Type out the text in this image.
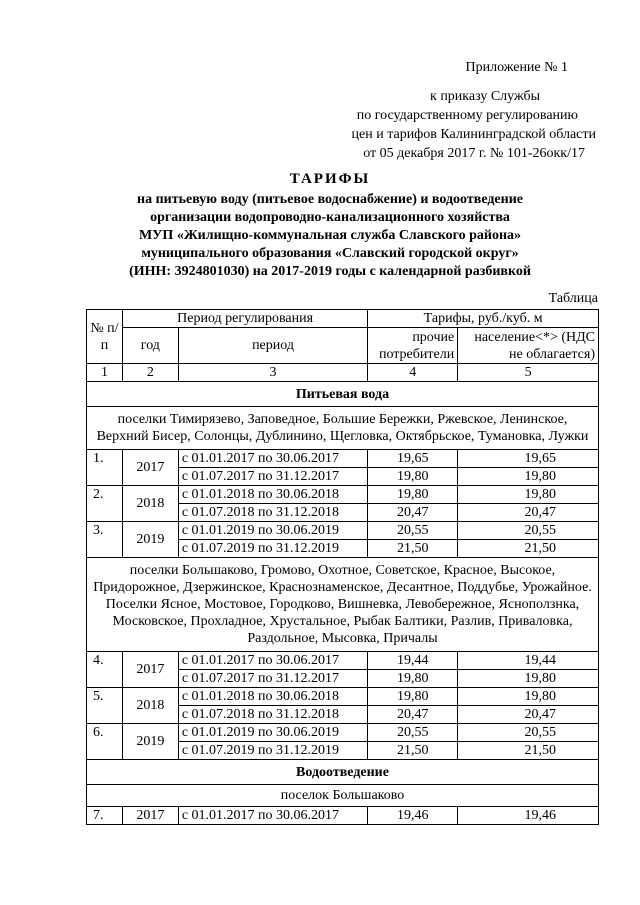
Приложение № 1
к приказу Службы
по государственному регулированию
цен и тарифов Калининградской области
от 05 декабря 2017 г. № 101-26окк/17
ТАРИФЫ
на питьевую воду (питьевое водоснабжение) и водоотведение
организации водопроводно-канализационного хозяйства
МУП «Жилищно-коммунальная служба Славского района»
муниципального образования «Славский городской округ»
(ИНН: 3924801030) на 2017-2019 годы с календарной разбивкой
Таблица
№ п/п	Период регулирования		Тарифы, руб./куб. м	
	год	период	прочие потребители	население<*> (НДС не облагается)
1	2	3	4	5
Питьевая вода				
поселки Тимирязево, Заповедное, Большие Бережки, Ржевское, Ленинское, Верхний Бисер, Солонцы, Дублинино, Щегловка, Октябрьское, Тумановка, Лужки				
1.	2017	с 01.01.2017 по 30.06.2017	19,65	19,65
		с 01.07.2017 по 31.12.2017	19,80	19,80
2.	2018	с 01.01.2018 по 30.06.2018	19,80	19,80
		с 01.07.2018 по 31.12.2018	20,47	20,47
3.	2019	с 01.01.2019 по 30.06.2019	20,55	20,55
		с 01.07.2019 по 31.12.2019	21,50	21,50
поселки Большаково, Громово, Охотное, Советское, Красное, Высокое, Придорожное, Дзержинское, Краснознаменское, Десантное, Поддубье, Урожайное. Поселки Ясное, Мостовое, Городково, Вишневка, Левобережное, Ясноползнка, Московское, Прохладное, Хрустальное, Рыбак Балтики, Разлив, Приваловка, Раздольное, Мысовка, Причалы				
4.	2017	с 01.01.2017 по 30.06.2017	19,44	19,44
		с 01.07.2017 по 31.12.2017	19,80	19,80
5.	2018	с 01.01.2018 по 30.06.2018	19,80	19,80
		с 01.07.2018 по 31.12.2018	20,47	20,47
6.	2019	с 01.01.2019 по 30.06.2019	20,55	20,55
		с 01.07.2019 по 31.12.2019	21,50	21,50
Водоотведение				
поселок Большаково				
7.	2017	с 01.01.2017 по 30.06.2017	19,46	19,46
